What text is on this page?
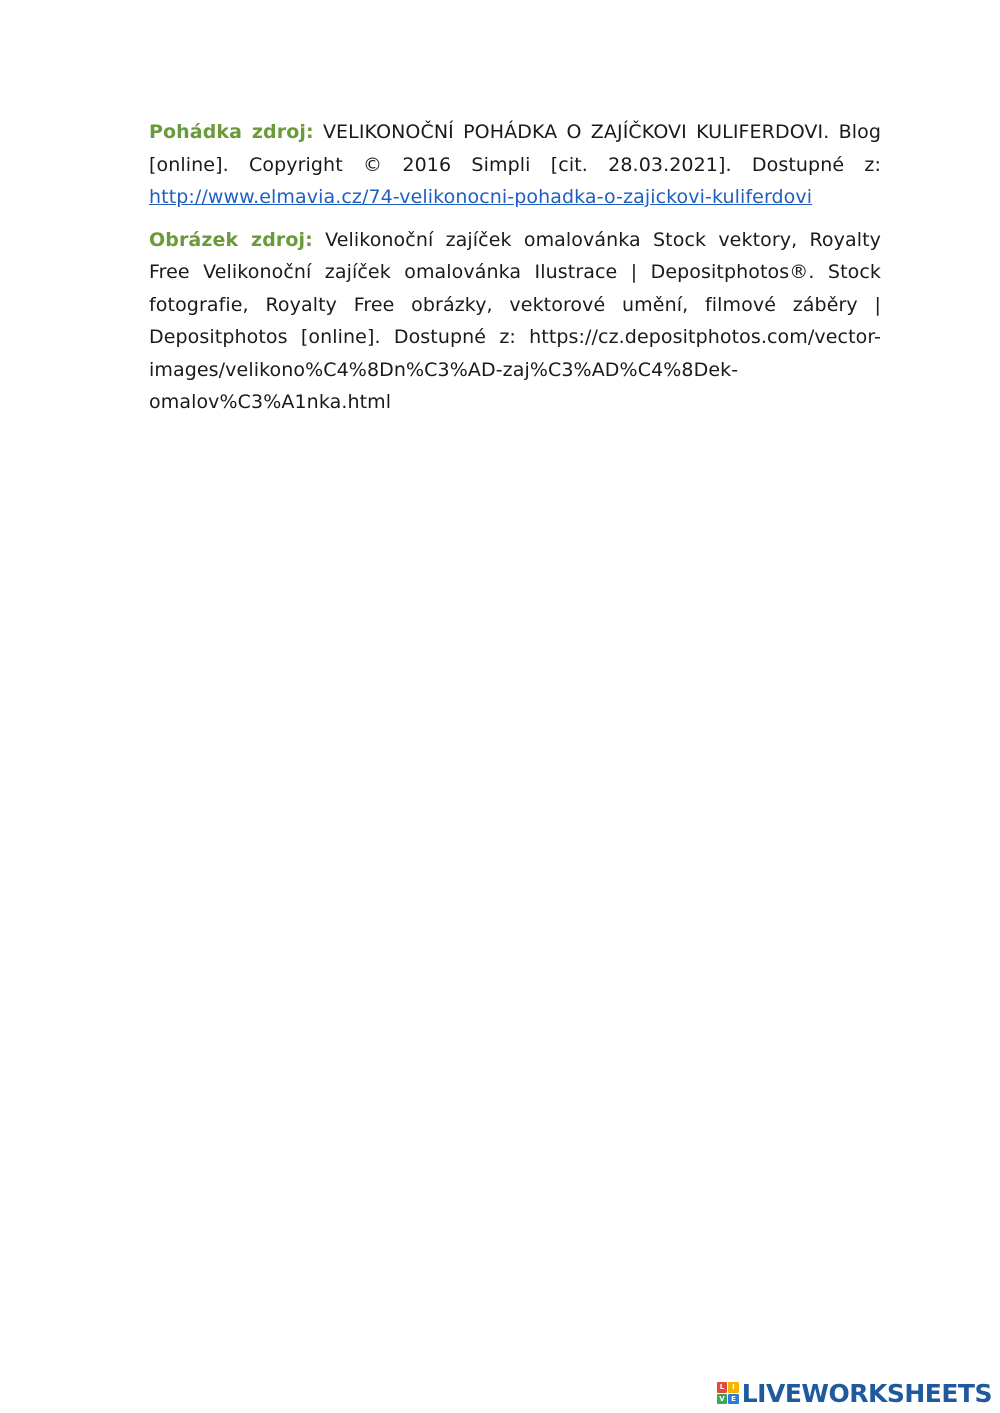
Pohádka zdroj: VELIKONOČNÍ POHÁDKA O ZAJÍČKOVI KULIFERDOVI. Blog [online]. Copyright © 2016 Simpli [cit. 28.03.2021]. Dostupné z: http://www.elmavia.cz/74-velikonocni-pohadka-o-zajickovi-kuliferdovi

Obrázek zdroj: Velikonoční zajíček omalovánka Stock vektory, Royalty Free Velikonoční zajíček omalovánka Ilustrace | Depositphotos®. Stock fotografie, Royalty Free obrázky, vektorové umění, filmové záběry | Depositphotos [online]. Dostupné z: https://cz.depositphotos.com/vector-images/velikono%C4%8Dn%C3%AD-zaj%C3%AD%C4%8Dek-omalov%C3%A1nka.html

L	I
V E LIVEWORKSHEETS
